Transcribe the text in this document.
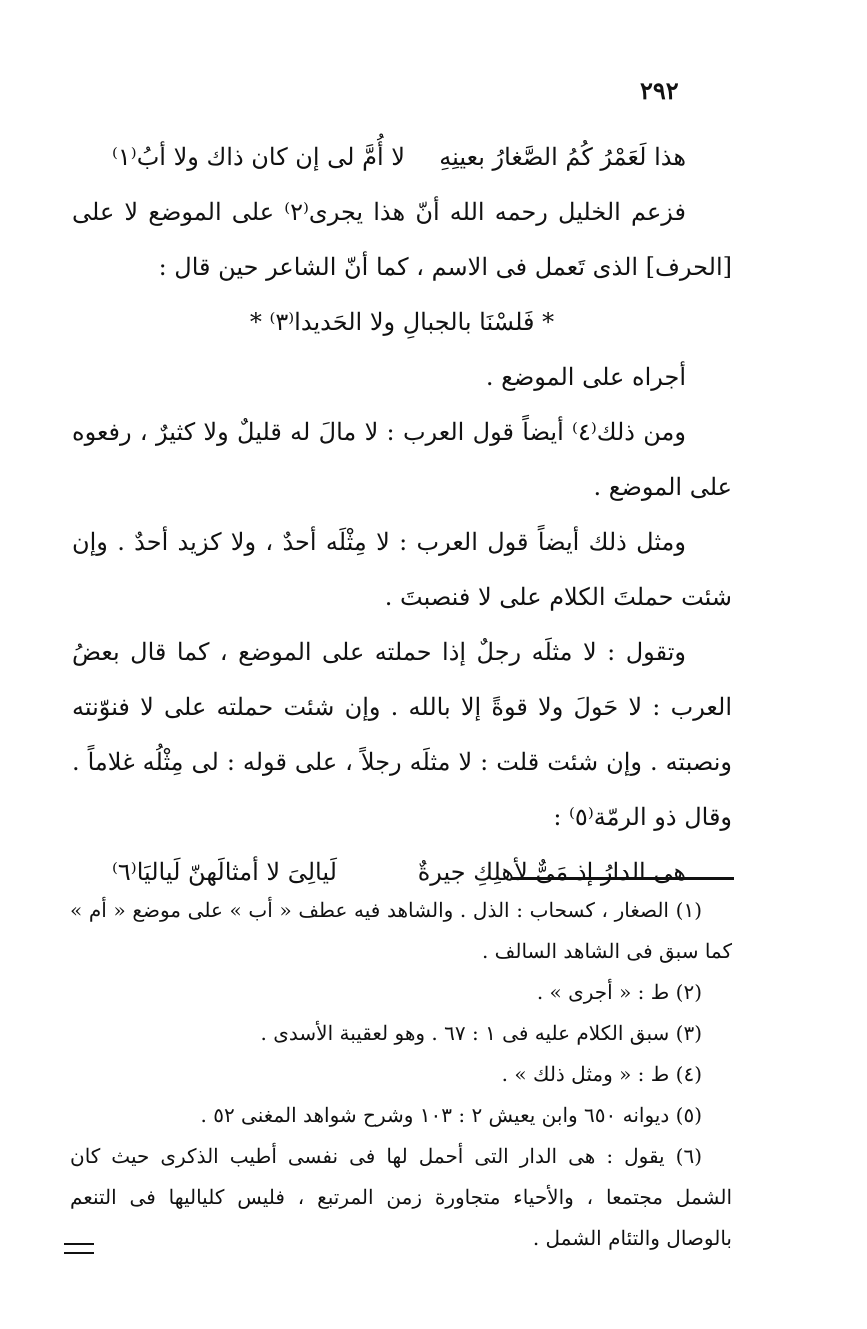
٢٩٢
هذا لَعَمْرُ كُمُ الصَّغارُ بعينِهِ
لا أُمَّ لى إن كان ذاك ولا أبُ⁽١⁾

فزعم الخليل رحمه الله أنّ هذا يجرى⁽٢⁾ على الموضع لا على [الحرف] الذى تَعمل فى الاسم ، كما أنّ الشاعر حين قال :

* فَلسْنَا بالجبالِ ولا الحَديدا⁽٣⁾ *

أجراه على الموضع .

ومن ذلك⁽٤⁾ أيضاً قول العرب : لا مالَ له قليلٌ ولا كثيرٌ ، رفعوه على الموضع .

ومثل ذلك أيضاً قول العرب : لا مِثْلَه أحدٌ ، ولا كزيد أحدٌ . وإن شئت حملتَ الكلام على لا فنصبتَ .

وتقول : لا مثلَه رجلٌ إذا حملته على الموضع ، كما قال بعضُ العرب : لا حَولَ ولا قوةً إلا بالله . وإن شئت حملته على لا فنوّنته ونصبته . وإن شئت قلت : لا مثلَه رجلاً ، على قوله : لى مِثْلُه غلاماً . وقال ذو الرمّة⁽٥⁾ :

هى الدارُ إذ مَىٌّ لأهلِكِ جيرةٌ
لَيالِىَ لا أمثالَهنّ لَياليَا⁽٦⁾

(١) الصغار ، كسحاب : الذل . والشاهد فيه عطف « أب » على موضع « أم » كما سبق فى الشاهد السالف .

(٢) ط : « أجرى » .

(٣) سبق الكلام عليه فى ١ : ٦٧ . وهو لعقيبة الأسدى .

(٤) ط : « ومثل ذلك » .

(٥) ديوانه ٦٥٠ وابن يعيش ٢ : ١٠٣ وشرح شواهد المغنى ٥٢ .

(٦) يقول : هى الدار التى أحمل لها فى نفسى أطيب الذكرى حيث كان الشمل مجتمعا ، والأحياء متجاورة زمن المرتبع ، فليس كلياليها فى التنعم بالوصال والتئام الشمل .
